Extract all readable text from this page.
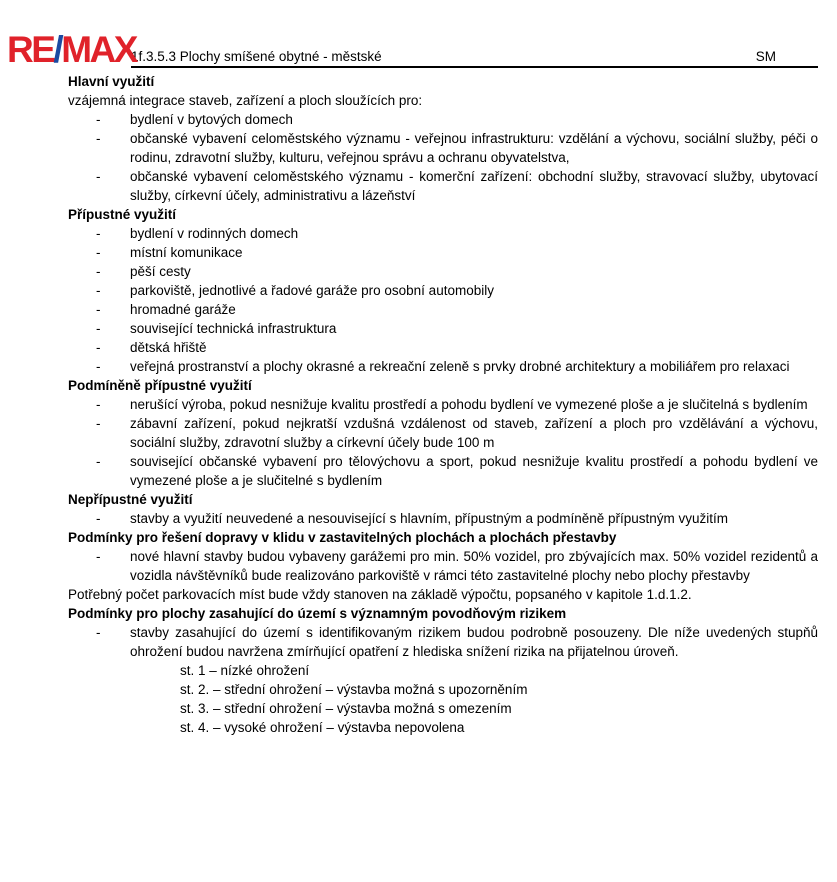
RE/MAX
1f.3.5.3 Plochy smíšené obytné - městské	SM
Hlavní využití
vzájemná integrace staveb, zařízení a ploch sloužících pro:
-	bydlení v bytových domech
-	občanské vybavení celoměstského významu - veřejnou infrastrukturu: vzdělání a výchovu, sociální služby, péči o rodinu, zdravotní služby, kulturu, veřejnou správu a ochranu obyvatelstva,
-	občanské vybavení celoměstského významu - komerční zařízení: obchodní služby, stravovací služby, ubytovací služby, církevní účely, administrativu a lázeňství
Přípustné využití
-	bydlení v rodinných domech
-	místní komunikace
-	pěší cesty
-	parkoviště, jednotlivé a řadové garáže pro osobní automobily
-	hromadné garáže
-	související technická infrastruktura
-	dětská hřiště
-	veřejná prostranství a plochy okrasné a rekreační zeleně s prvky drobné architektury a mobiliářem pro relaxaci
Podmíněně přípustné využití
-	nerušící výroba, pokud nesnižuje kvalitu prostředí a pohodu bydlení ve vymezené ploše a je slučitelná s bydlením
-	zábavní zařízení, pokud nejkratší vzdušná vzdálenost od staveb, zařízení a ploch pro vzdělávání a výchovu, sociální služby, zdravotní služby a církevní účely bude 100 m
-	související občanské vybavení pro tělovýchovu a sport, pokud nesnižuje kvalitu prostředí a pohodu bydlení ve vymezené ploše a je slučitelné s bydlením
Nepřípustné využití
-	stavby a využití neuvedené a nesouvisející s hlavním, přípustným a podmíněně přípustným využitím
Podmínky pro řešení dopravy v klidu v zastavitelných plochách a plochách přestavby
-	nové hlavní stavby budou vybaveny garážemi pro min. 50% vozidel, pro zbývajících max. 50% vozidel rezidentů a vozidla návštěvníků bude realizováno parkoviště v rámci této zastavitelné plochy nebo plochy přestavby
Potřebný počet parkovacích míst bude vždy stanoven na základě výpočtu, popsaného v kapitole 1.d.1.2.
Podmínky pro plochy zasahující do území s významným povodňovým rizikem
-	stavby zasahující do území s identifikovaným rizikem budou podrobně posouzeny. Dle níže uvedených stupňů ohrožení budou navržena zmírňující opatření z hlediska snížení rizika na přijatelnou úroveň.
st. 1 – nízké ohrožení
st. 2. – střední ohrožení – výstavba možná s upozorněním
st. 3. – střední ohrožení – výstavba možná s omezením
st. 4. – vysoké ohrožení – výstavba nepovolena
